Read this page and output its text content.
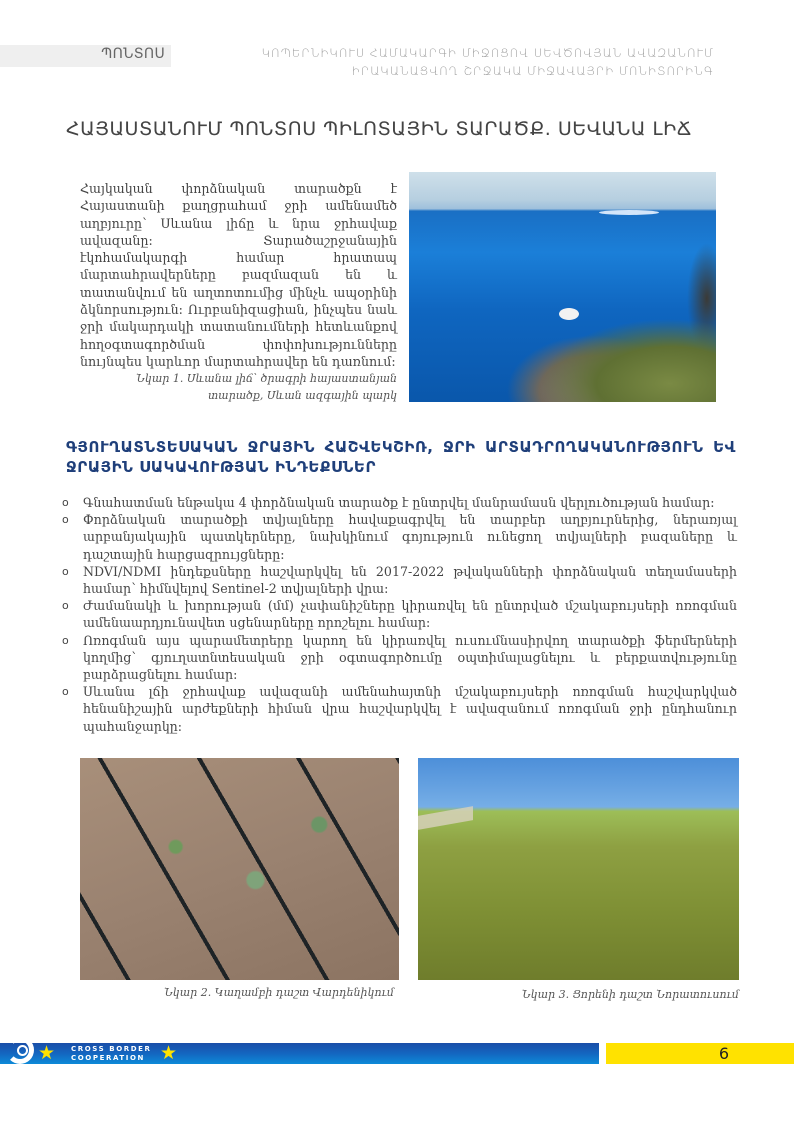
ՊՈՆՏՈՍ	ԿՈՊԵՐՆԻԿՈՒՍ ՀԱՄԱԿԱՐԳԻ ՄԻՋՈՑՈՎ ՍԵՎԾՈՎՅԱՆ ԱՎԱԶԱՆՈՒՄ
ԻՐԱԿԱՆԱՑՎՈՂ ՇՐՋԱԿԱ ՄԻՋԱՎԱՅՐԻ ՄՈՆԻՏՈՐԻՆԳ
ՀԱՅԱՍՏԱՆՈՒՄ ՊՈՆՏՈՍ ՊԻԼՈՏԱՅԻՆ ՏԱՐԱԾՔ. ՍԵՎԱՆԱ ԼԻՃ
Հայկական փորձնական տարածքն է Հայաստանի քաղցրահամ ջրի ամենամեծ աղբյուրը՝ Սևանա լիճը և նրա ջրհավաք ավազանը: Տարածաշրջանային էկոհամակարգի համար հրատապ մարտահրավերները բազմազան են և տատանվում են աղտոտումից մինչև ապօրինի ձկնորսություն: Ուրբանիզացիան, ինչպես նաև ջրի մակարդակի տատանումների հետևանքով հողօգտագործման փոփոխությունները նույնպես կարևոր մարտահրավեր են դառնում:
Նկար 1. Սևանա լիճ՝ ծրագրի հայաստանյան
տարածք, Սևան ազգային պարկ
ԳՅՈՒՂԱՏՆՏԵՍԱԿԱՆ ՋՐԱՅԻՆ ՀԱՇՎԵԿՇԻՌ, ՋՐԻ ԱՐՏԱԴՐՈՂԱԿԱՆՈՒԹՅՈՒՆ ԵՎ ՋՐԱՅԻՆ ՍԱԿԱՎՈՒԹՅԱՆ ԻՆԴԵՔՍՆԵՐ
o Գնահատման ենթակա 4 փորձնական տարածք է ընտրվել մանրամասն վերլուծության համար:
o Փորձնական տարածքի տվյալները հավաքագրվել են տարբեր աղբյուրներից, ներառյալ արբանյակային պատկերները, նախկինում գոյություն ունեցող տվյալների բազաները և դաշտային հարցազրույցները:
o NDVI/NDMI ինդեքսները հաշվարկվել են 2017-2022 թվականների փորձնական տեղամասերի համար՝ հիմնվելով Sentinel-2 տվյալների վրա:
o Ժամանակի և խորության (մմ) չափանիշները կիրառվել են ընտրված մշակաբույսերի ոռոգման ամենաարդյունավետ սցենարները որոշելու համար:
o Ոռոգման այս պարամետրերը կարող են կիրառվել ուսումնասիրվող տարածքի ֆերմերների կողմից՝ գյուղատնտեսական ջրի օգտագործումը օպտիմալացնելու և բերքատվությունը բարձրացնելու համար:
o Սևանա լճի ջրհավաք ավազանի ամենահայտնի մշակաբույսերի ոռոգման հաշվարկված հենանիշային արժեքների հիման վրա հաշվարկվել է ավազանում ոռոգման ջրի ընդհանուր պահանջարկը:
Նկար 2. Կաղամբի դաշտ Վարդենիկում	Նկար 3. Ցորենի դաշտ Նորատուսում
★ CROSS BORDER
COOPERATION ★	6
